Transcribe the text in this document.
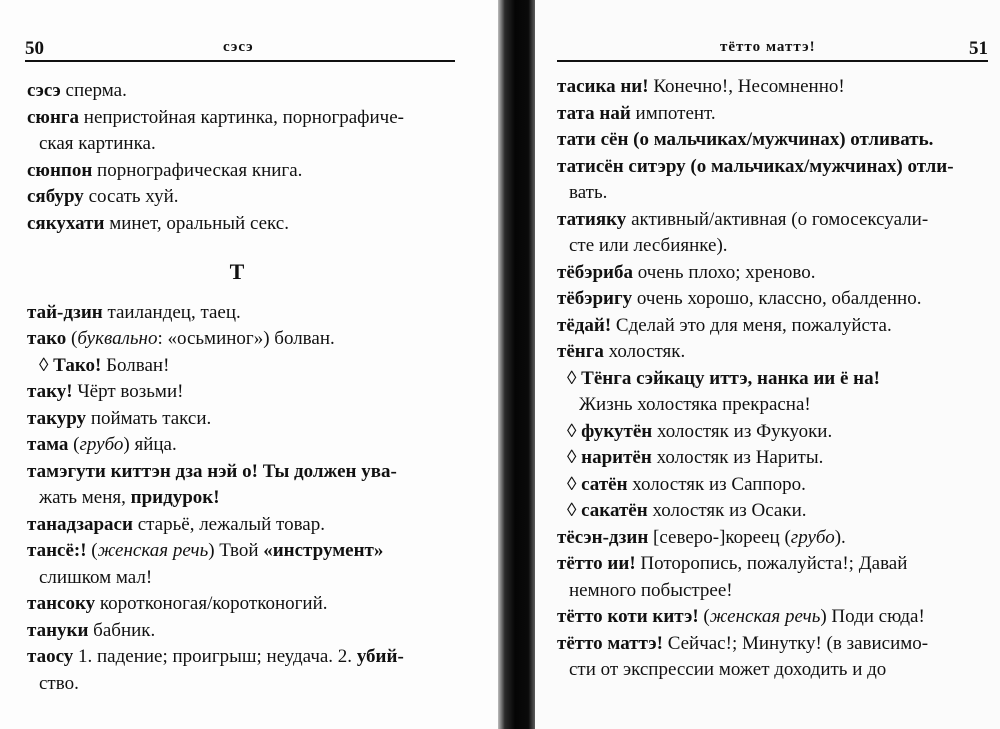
50	сэсэ
сэсэ сперма.
сюнга непристойная картинка, порнографиче-
ская картинка.
сюнпон порнографическая книга.
сябуру сосать хуй.
сякухати минет, оральный секс.
Т
тай-дзин таиландец, таец.
тако (буквально: «осьминог») болван.
◊ Тако! Болван!
таку! Чёрт возьми!
такуру поймать такси.
тама (грубо) яйца.
тамэгути киттэн дза нэй о! Ты должен ува-
жать меня, придурок!
танадзараси старьё, лежалый товар.
тансё:! (женская речь) Твой «инструмент»
слишком мал!
тансоку коротконогая/коротконогий.
тануки бабник.
таосу 1. падение; проигрыш; неудача. 2. убий-
ство.
тётто маттэ!	51
тасика ни! Конечно!, Несомненно!
тата най импотент.
тати сён (о мальчиках/мужчинах) отливать.
татисён ситэру (о мальчиках/мужчинах) отли-
вать.
татияку активный/активная (о гомосексуали-
сте или лесбиянке).
тёбэриба очень плохо; хреново.
тёбэригу очень хорошо, классно, обалденно.
тёдай! Сделай это для меня, пожалуйста.
тёнга холостяк.
◊ Тёнга сэйкацу иттэ, нанка ии ё на!
Жизнь холостяка прекрасна!
◊ фукутён холостяк из Фукуоки.
◊ наритён холостяк из Нариты.
◊ сатён холостяк из Саппоро.
◊ сакатён холостяк из Осаки.
тёсэн-дзин [северо-]кореец (грубо).
тётто ии! Поторопись, пожалуйста!; Давай
немного побыстрее!
тётто коти китэ! (женская речь) Поди сюда!
тётто маттэ! Сейчас!; Минутку! (в зависимо-
сти от экспрессии может доходить и до
